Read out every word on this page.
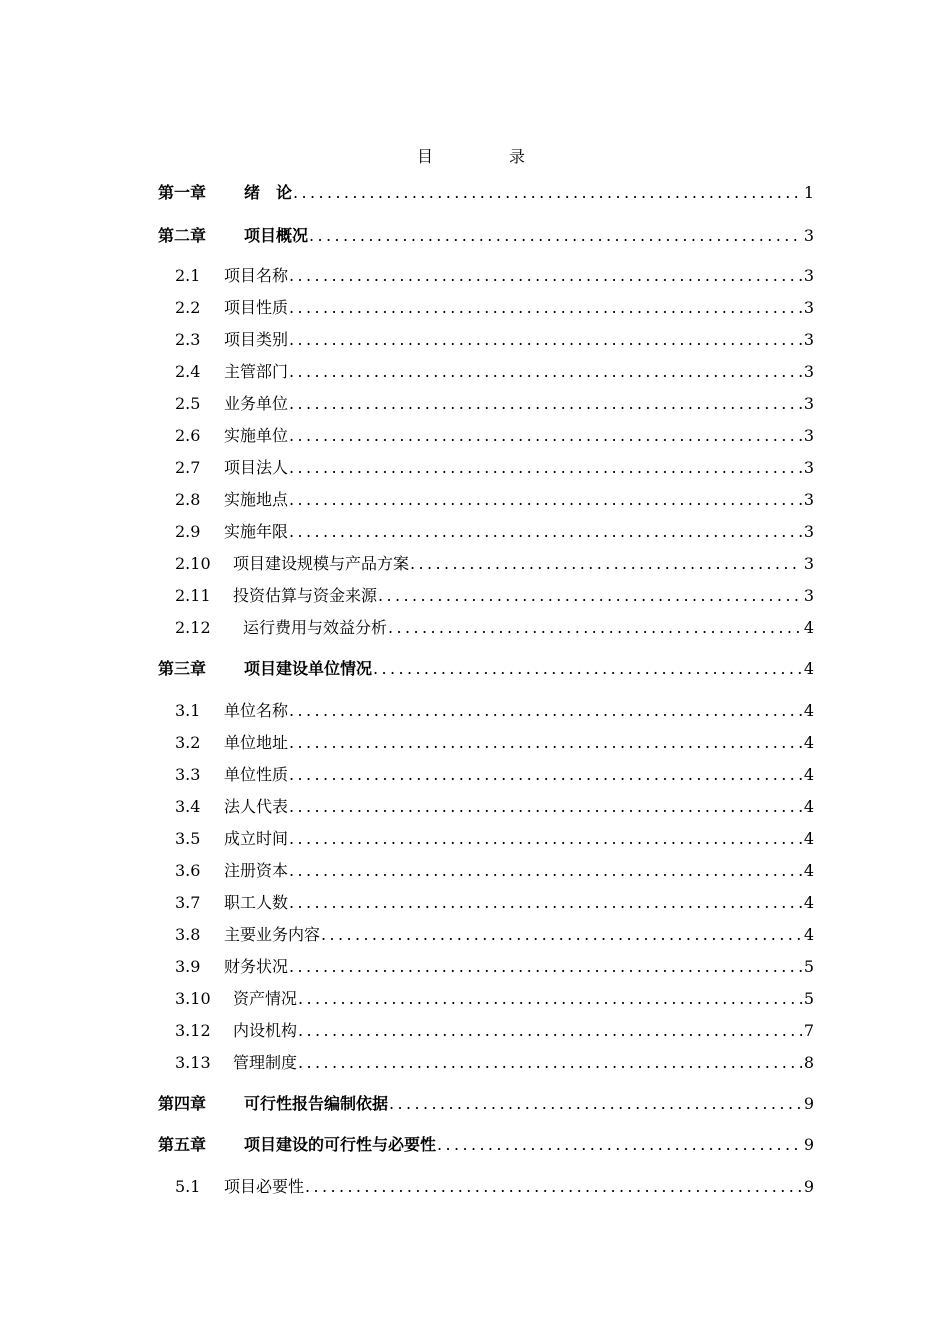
目　录
第一章 绪　论 .....	1
第二章 项目概况 .....	3
2.1 项目名称 .....	3
2.2 项目性质 .....	3
2.3 项目类别 .....	3
2.4 主管部门 .....	3
2.5 业务单位 .....	3
2.6 实施单位 .....	3
2.7 项目法人 .....	3
2.8 实施地点 .....	3
2.9 实施年限 .....	3
2.10 项目建设规模与产品方案 .....	3
2.11 投资估算与资金来源 .....	3
2.12 运行费用与效益分析 .....	4
第三章 项目建设单位情况 .....	4
3.1 单位名称 .....	4
3.2 单位地址 .....	4
3.3 单位性质 .....	4
3.4 法人代表 .....	4
3.5 成立时间 .....	4
3.6 注册资本 .....	4
3.7 职工人数 .....	4
3.8 主要业务内容 .....	4
3.9 财务状况 .....	5
3.10 资产情况 .....	5
3.12 内设机构 .....	7
3.13 管理制度 .....	8
第四章 可行性报告编制依据 .....	9
第五章 项目建设的可行性与必要性 .....	9
5.1 项目必要性 .....	9
